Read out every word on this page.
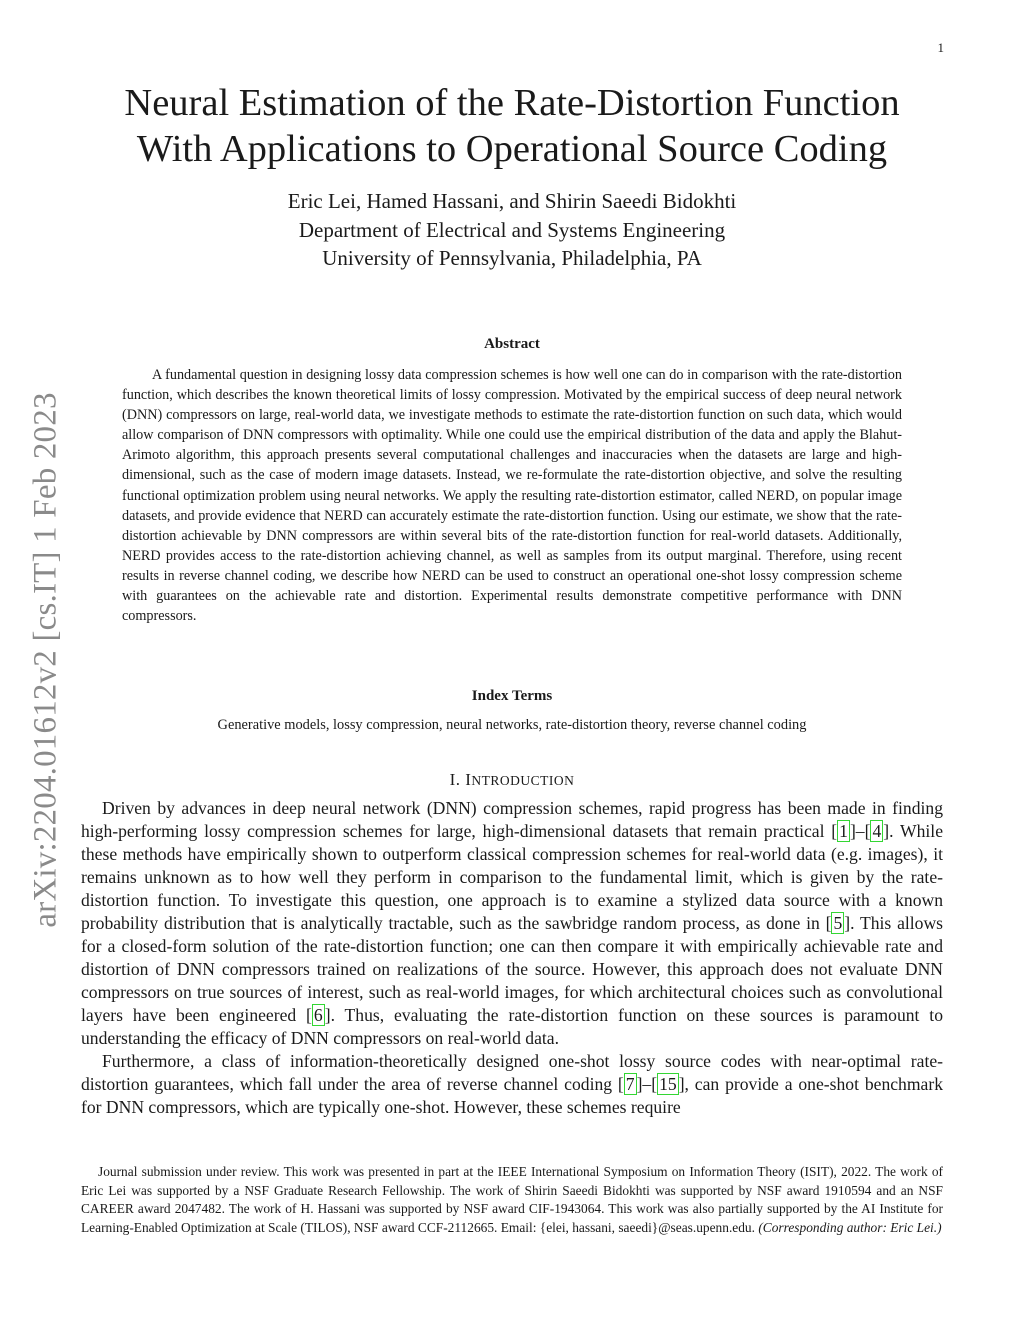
1
arXiv:2204.01612v2 [cs.IT] 1 Feb 2023
Neural Estimation of the Rate-Distortion Function
With Applications to Operational Source Coding
Eric Lei, Hamed Hassani, and Shirin Saeedi Bidokhti
Department of Electrical and Systems Engineering
University of Pennsylvania, Philadelphia, PA
Abstract

A fundamental question in designing lossy data compression schemes is how well one can do in comparison with the rate-distortion function, which describes the known theoretical limits of lossy compression. Motivated by the empirical success of deep neural network (DNN) compressors on large, real-world data, we investigate methods to estimate the rate-distortion function on such data, which would allow comparison of DNN compressors with optimality. While one could use the empirical distribution of the data and apply the Blahut-Arimoto algorithm, this approach presents several computational challenges and inaccuracies when the datasets are large and high-dimensional, such as the case of modern image datasets. Instead, we re-formulate the rate-distortion objective, and solve the resulting functional optimization problem using neural networks. We apply the resulting rate-distortion estimator, called NERD, on popular image datasets, and provide evidence that NERD can accurately estimate the rate-distortion function. Using our estimate, we show that the rate-distortion achievable by DNN compressors are within several bits of the rate-distortion function for real-world datasets. Additionally, NERD provides access to the rate-distortion achieving channel, as well as samples from its output marginal. Therefore, using recent results in reverse channel coding, we describe how NERD can be used to construct an operational one-shot lossy compression scheme with guarantees on the achievable rate and distortion. Experimental results demonstrate competitive performance with DNN compressors.

Index Terms
Generative models, lossy compression, neural networks, rate-distortion theory, reverse channel coding
I. INTRODUCTION

Driven by advances in deep neural network (DNN) compression schemes, rapid progress has been made in finding high-performing lossy compression schemes for large, high-dimensional datasets that remain practical [ 1 ]–[ 4 ]. While these methods have empirically shown to outperform classical compression schemes for real-world data (e.g. images), it remains unknown as to how well they perform in comparison to the fundamental limit, which is given by the rate-distortion function. To investigate this question, one approach is to examine a stylized data source with a known probability distribution that is analytically tractable, such as the sawbridge random process, as done in [ 5 ]. This allows for a closed-form solution of the rate-distortion function; one can then compare it with empirically achievable rate and distortion of DNN compressors trained on realizations of the source. However, this approach does not evaluate DNN compressors on true sources of interest, such as real-world images, for which architectural choices such as convolutional layers have been engineered [ 6 ]. Thus, evaluating the rate-distortion function on these sources is paramount to understanding the efficacy of DNN compressors on real-world data.

Furthermore, a class of information-theoretically designed one-shot lossy source codes with near-optimal rate-distortion guarantees, which fall under the area of reverse channel coding [ 7 ]–[ 15 ], can provide a one-shot benchmark for DNN compressors, which are typically one-shot. However, these schemes require

Journal submission under review. This work was presented in part at the IEEE International Symposium on Information Theory (ISIT), 2022. The work of Eric Lei was supported by a NSF Graduate Research Fellowship. The work of Shirin Saeedi Bidokhti was supported by NSF award 1910594 and an NSF CAREER award 2047482. The work of H. Hassani was supported by NSF award CIF-1943064. This work was also partially supported by the AI Institute for Learning-Enabled Optimization at Scale (TILOS), NSF award CCF-2112665. Email: {elei, hassani, saeedi}@seas.upenn.edu. (Corresponding author: Eric Lei.)
